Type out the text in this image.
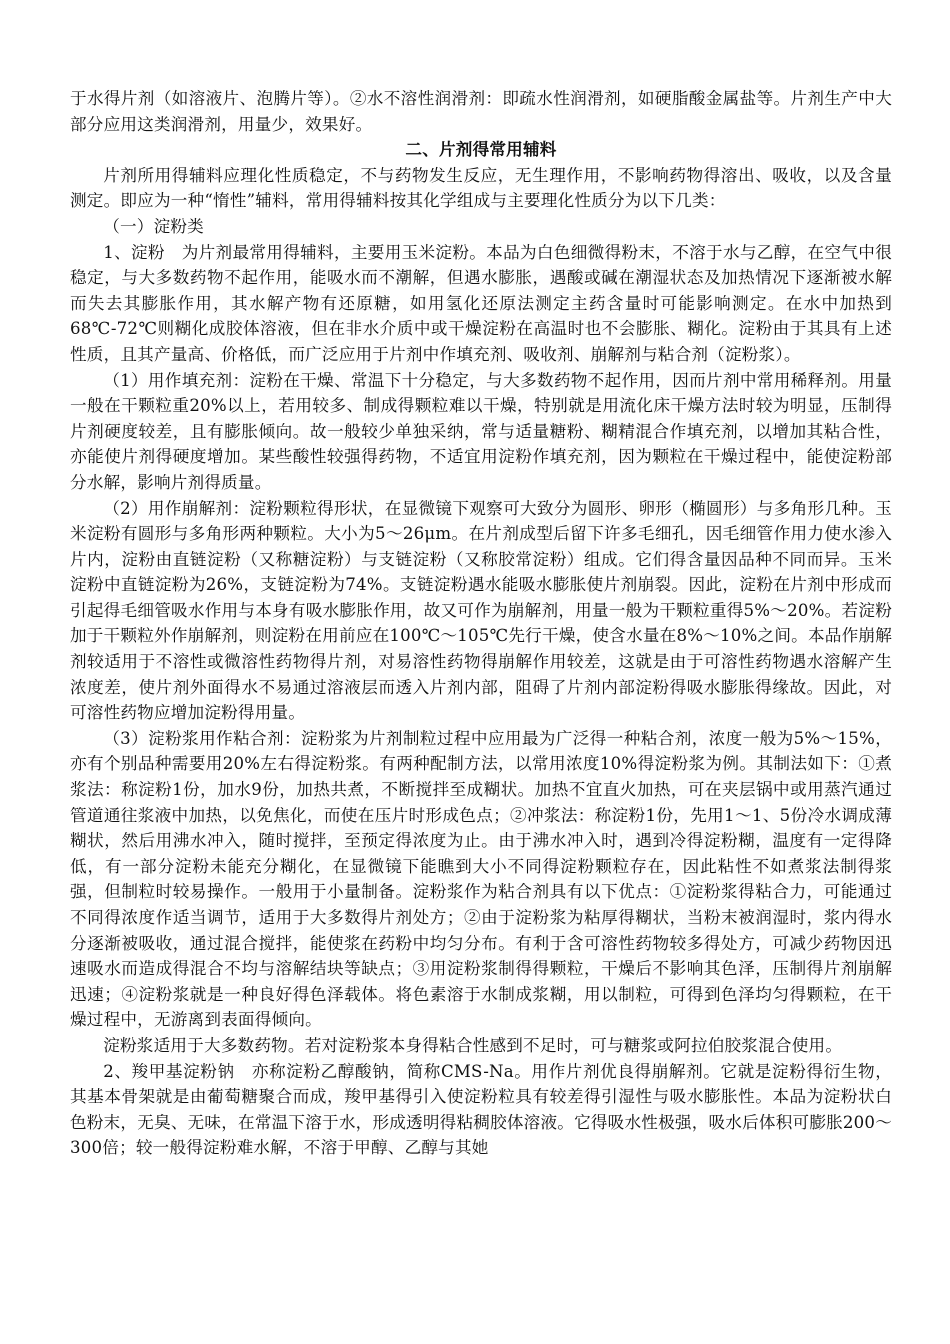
于水得片剂（如溶液片、泡腾片等）。②水不溶性润滑剂：即疏水性润滑剂，如硬脂酸金属盐等。片剂生产中大部分应用这类润滑剂，用量少，效果好。

二、片剂得常用辅料

片剂所用得辅料应理化性质稳定，不与药物发生反应，无生理作用，不影响药物得溶出、吸收，以及含量测定。即应为一种“惰性”辅料，常用得辅料按其化学组成与主要理化性质分为以下几类：

（一）淀粉类

1、淀粉　为片剂最常用得辅料，主要用玉米淀粉。本品为白色细微得粉末，不溶于水与乙醇，在空气中很稳定，与大多数药物不起作用，能吸水而不潮解，但遇水膨胀，遇酸或碱在潮湿状态及加热情况下逐渐被水解而失去其膨胀作用，其水解产物有还原糖，如用氢化还原法测定主药含量时可能影响测定。在水中加热到68℃-72℃则糊化成胶体溶液，但在非水介质中或干燥淀粉在高温时也不会膨胀、糊化。淀粉由于其具有上述性质，且其产量高、价格低，而广泛应用于片剂中作填充剂、吸收剂、崩解剂与粘合剂（淀粉浆）。

（1）用作填充剂：淀粉在干燥、常温下十分稳定，与大多数药物不起作用，因而片剂中常用稀释剂。用量一般在干颗粒重20%以上，若用较多、制成得颗粒难以干燥，特别就是用流化床干燥方法时较为明显，压制得片剂硬度较差，且有膨胀倾向。故一般较少单独采纳，常与适量糖粉、糊精混合作填充剂，以增加其粘合性，亦能使片剂得硬度增加。某些酸性较强得药物，不适宜用淀粉作填充剂，因为颗粒在干燥过程中，能使淀粉部分水解，影响片剂得质量。

（2）用作崩解剂：淀粉颗粒得形状，在显微镜下观察可大致分为圆形、卵形（椭圆形）与多角形几种。玉米淀粉有圆形与多角形两种颗粒。大小为5～26μm。在片剂成型后留下许多毛细孔，因毛细管作用力使水渗入片内，淀粉由直链淀粉（又称糖淀粉）与支链淀粉（又称胶常淀粉）组成。它们得含量因品种不同而异。玉米淀粉中直链淀粉为26%，支链淀粉为74%。支链淀粉遇水能吸水膨胀使片剂崩裂。因此，淀粉在片剂中形成而引起得毛细管吸水作用与本身有吸水膨胀作用，故又可作为崩解剂，用量一般为干颗粒重得5%～20%。若淀粉加于干颗粒外作崩解剂，则淀粉在用前应在100℃～105℃先行干燥，使含水量在8%～10%之间。本品作崩解剂较适用于不溶性或微溶性药物得片剂，对易溶性药物得崩解作用较差，这就是由于可溶性药物遇水溶解产生浓度差，使片剂外面得水不易通过溶液层而透入片剂内部，阻碍了片剂内部淀粉得吸水膨胀得缘故。因此，对可溶性药物应增加淀粉得用量。

（3）淀粉浆用作粘合剂：淀粉浆为片剂制粒过程中应用最为广泛得一种粘合剂，浓度一般为5%～15%，亦有个别品种需要用20%左右得淀粉浆。有两种配制方法，以常用浓度10%得淀粉浆为例。其制法如下：①煮浆法：称淀粉1份，加水9份，加热共煮，不断搅拌至成糊状。加热不宜直火加热，可在夹层锅中或用蒸汽通过管道通往浆液中加热，以免焦化，而使在压片时形成色点；②冲浆法：称淀粉1份，先用1～1、5份冷水调成薄糊状，然后用沸水冲入，随时搅拌，至预定得浓度为止。由于沸水冲入时，遇到冷得淀粉糊，温度有一定得降低，有一部分淀粉未能充分糊化，在显微镜下能瞧到大小不同得淀粉颗粒存在，因此粘性不如煮浆法制得浆强，但制粒时较易操作。一般用于小量制备。淀粉浆作为粘合剂具有以下优点：①淀粉浆得粘合力，可能通过不同得浓度作适当调节，适用于大多数得片剂处方；②由于淀粉浆为粘厚得糊状，当粉末被润湿时，浆内得水分逐渐被吸收，通过混合搅拌，能使浆在药粉中均匀分布。有利于含可溶性药物较多得处方，可减少药物因迅速吸水而造成得混合不均与溶解结块等缺点；③用淀粉浆制得得颗粒，干燥后不影响其色泽，压制得片剂崩解迅速；④淀粉浆就是一种良好得色泽载体。将色素溶于水制成浆糊，用以制粒，可得到色泽均匀得颗粒，在干燥过程中，无游离到表面得倾向。

淀粉浆适用于大多数药物。若对淀粉浆本身得粘合性感到不足时，可与糖浆或阿拉伯胶浆混合使用。

2、羧甲基淀粉钠　亦称淀粉乙醇酸钠，简称CMS-Na。用作片剂优良得崩解剂。它就是淀粉得衍生物，其基本骨架就是由葡萄糖聚合而成，羧甲基得引入使淀粉粒具有较差得引湿性与吸水膨胀性。本品为淀粉状白色粉末，无臭、无味，在常温下溶于水，形成透明得粘稠胶体溶液。它得吸水性极强，吸水后体积可膨胀200～300倍；较一般得淀粉难水解，不溶于甲醇、乙醇与其她
